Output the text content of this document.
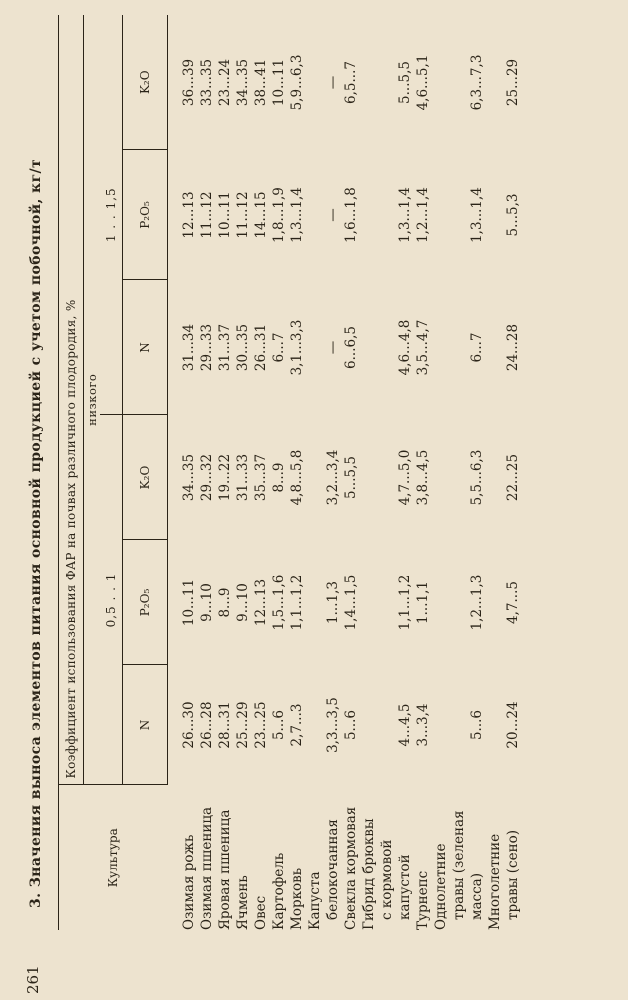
261
3. Значения выноса элементов питания основной продукцией с учетом побочной, кг/т	Культура	Коэффициент использования ФАР на почвах различного плодородия, %					
	низкого					
	0,5 . . 1			1 . . 1,5		
	N	P₂O₅	K₂O	N	P₂O₅	K₂O

Озимая рожь	26...30	10...11	34...35	31...34	12...13	36...39

Озимая пшеница	26...28	9...10	29...32	29...33	11...12	33...35

Яровая пшеница	28...31	8...9	19...22	31...37	10...11	23...24

Ячмень	25...29	9...10	31...33	30...35	11...12	34...35

Овес	23...25	12...13	35...37	26...31	14...15	38...41

Картофель	5...6	1,5...1,6	8...9	6...7	1,8...1,9	10...11

Морковь	2,7...3	1,1...1,2	4,8...5,8	3,1...3,3	1,3...1,4	5,9...6,3

Капуста белокочанная	3,3...3,5	1...1,3	3,2...3,4	—	—	—

Свекла кормовая	5...6	1,4...1,5	5...5,5	6...6,5	1,6...1,8	6,5...7

Гибрид брюквы с кормовой капустой	4...4,5	1,1...1,2	4,7...5,0	4,6...4,8	1,3...1,4	5...5,5

Турнепс	3...3,4	1...1,1	3,8...4,5	3,5...4,7	1,2...1,4	4,6...5,1

Однолетние травы (зеленая масса)	5...6	1,2...1,3	5,5...6,3	6...7	1,3...1,4	6,3...7,3

Многолетние травы (сено)	20...24	4,7...5	22...25	24...28	5...5,3	25...29
